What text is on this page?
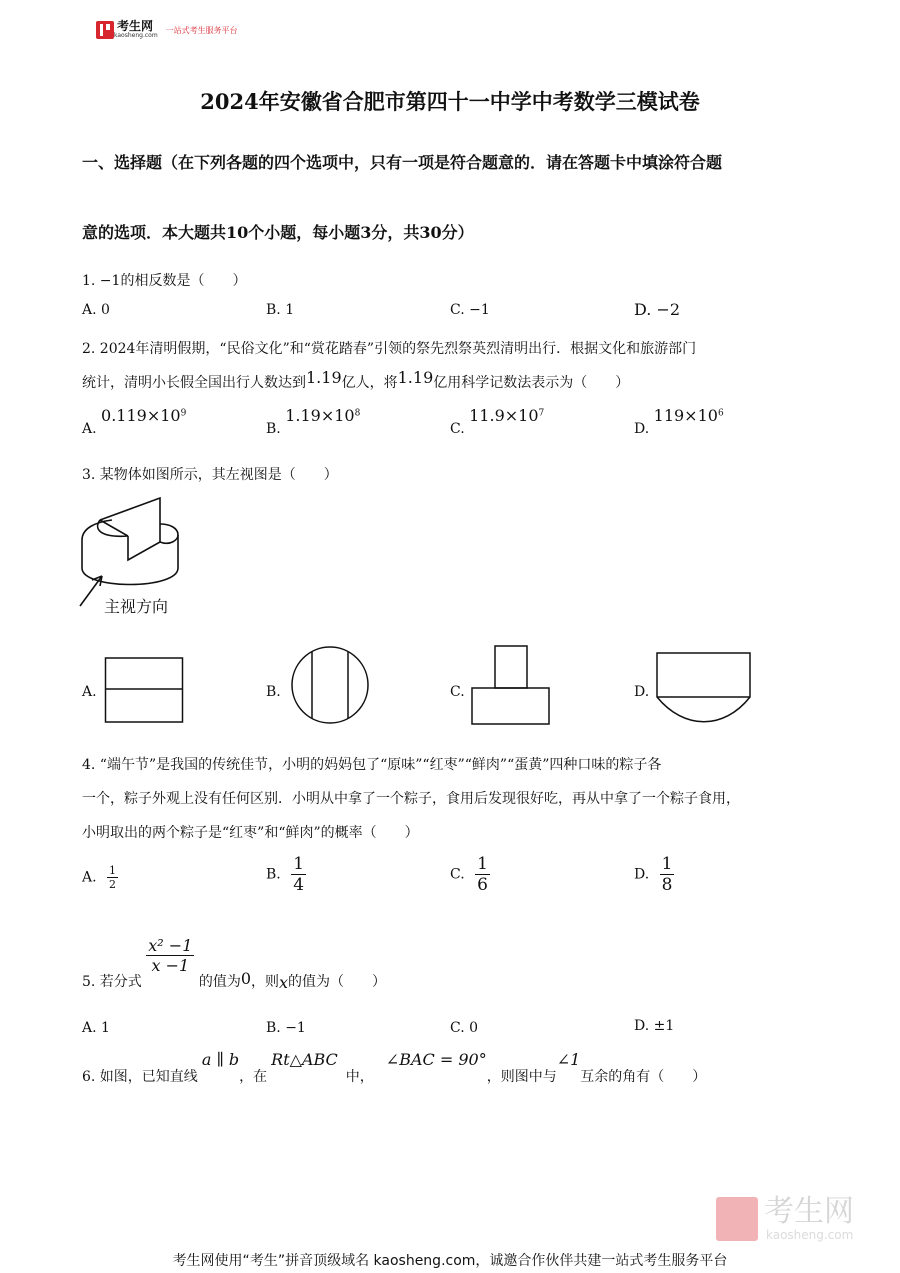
考生网
kaosheng.com
一站式考生服务平台
2024年安徽省合肥市第四十一中学中考数学三模试卷
一、选择题（在下列各题的四个选项中，只有一项是符合题意的．请在答题卡中填涂符合题
意的选项．本大题共10个小题，每小题3分，共30分）
1. −1的相反数是（　　）
A. 0	B. 1	C. −1	D. −2
2. 2024年清明假期，“民俗文化”和“赏花踏春”引领的祭先烈祭英烈清明出行．根据文化和旅游部门
统计，清明小长假全国出行人数达到1.19亿人，将1.19亿用科学记数法表示为（　　）
A. $0.119\times 10^9$
B. $1.19\times 10^8$
C. $11.9\times 10^7$
D. $119\times 10^6$
3. 某物体如图所示，其左视图是（　　）
主视方向
A.	B.	C.	D.
4. “端午节”是我国的传统佳节，小明的妈妈包了“原味”“红枣”“鲜肉”“蛋黄”四种口味的粽子各
一个，粽子外观上没有任何区别．小明从中拿了一个粽子，食用后发现很好吃，再从中拿了一个粽子食用，
小明取出的两个粽子是“红枣”和“鲜肉”的概率（　　）
A. $\frac{1}{2}$	B. $\frac{1}{4}$	C. $\frac{1}{6}$	D. $\frac{1}{8}$
5. 若分式
$\frac{\text{x² −1}}{x -1}$
的值为0，则x的值为（　　）
A. 1	B. −1	C. 0	D. ±1
6. 如图，已知直线a ∥ b，在Rt△ABC中，∠BAC = 90°，则图中与∠1互余的角有（　　）
考生网
kaosheng.com
考生网使用“考生”拼音顶级域名 kaosheng.com，诚邀合作伙伴共建一站式考生服务平台
